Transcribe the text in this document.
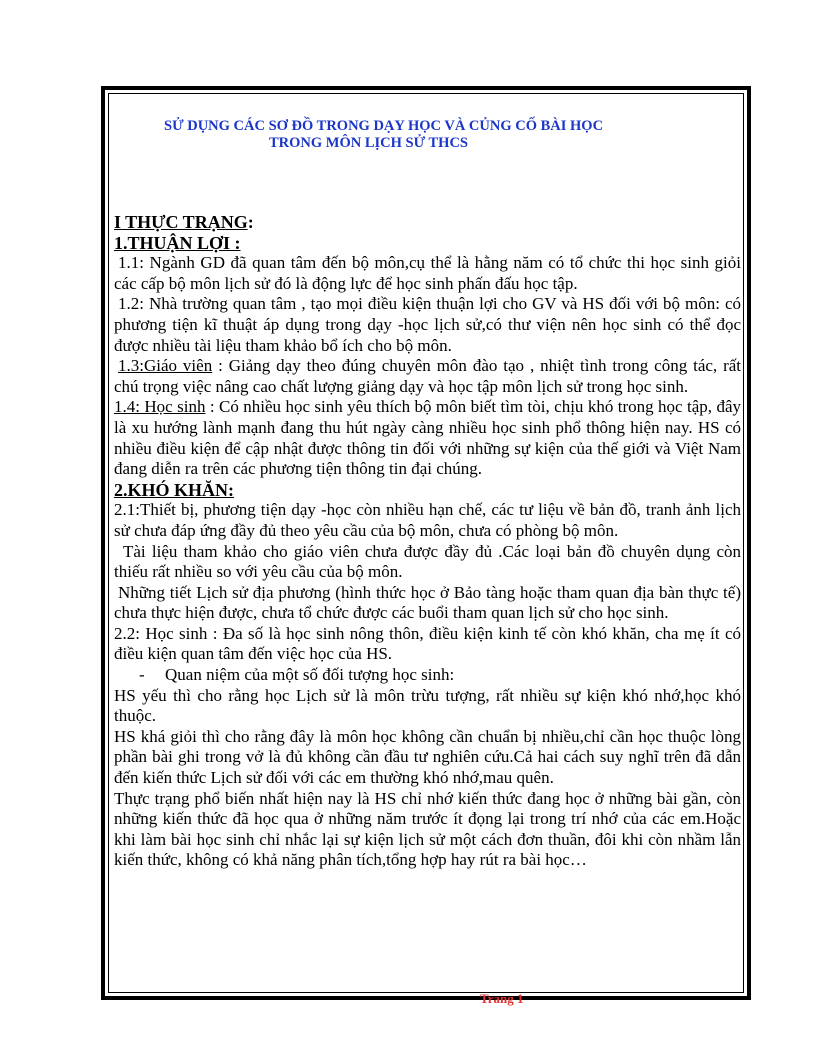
SỬ DỤNG CÁC SƠ ĐỒ TRONG DẠY HỌC VÀ CỦNG CỐ BÀI HỌC
TRONG MÔN LỊCH SỬ THCS

I THỰC TRẠNG:

1.THUẬN LỢI :

1.1: Ngành GD đã quan tâm đến bộ môn,cụ thể là hằng năm có tổ chức thi học sinh giỏi các cấp bộ môn lịch sử đó là động lực để học sinh phấn đấu học tập.

1.2: Nhà trường quan tâm , tạo mọi điều kiện thuận lợi cho GV và HS đối với bộ môn: có phương tiện kĩ thuật áp dụng trong dạy -học lịch sử,có thư viện nên học sinh có thể đọc được nhiều tài liệu tham khảo bổ ích cho bộ môn.

1.3:Giáo viên : Giảng dạy theo đúng chuyên môn đào tạo , nhiệt tình trong công tác, rất chú trọng việc nâng cao chất lượng giảng dạy và học tập môn lịch sử trong học sinh.

1.4: Học sinh : Có nhiều học sinh yêu thích bộ môn biết tìm tòi, chịu khó trong học tập, đây là xu hướng lành mạnh đang thu hút ngày càng nhiều học sinh phổ thông hiện nay. HS có nhiều điều kiện để cập nhật được thông tin đối với những sự kiện của thế giới và Việt Nam đang diễn ra trên các phương tiện thông tin đại chúng.

2.KHÓ KHĂN:

2.1:Thiết bị, phương tiện dạy -học còn nhiều hạn chế, các tư liệu về bản đồ, tranh ảnh lịch sử chưa đáp ứng đầy đủ theo yêu cầu của bộ môn, chưa có phòng bộ môn.

Tài liệu tham khảo cho giáo viên chưa được đầy đủ .Các loại bản đồ chuyên dụng còn thiếu rất nhiều so với yêu cầu của bộ môn.

Những tiết Lịch sử địa phương (hình thức học ở Bảo tàng hoặc tham quan địa bàn thực tế) chưa thực hiện được, chưa tổ chức được các buổi tham quan lịch sử cho học sinh.

2.2: Học sinh : Đa số là học sinh nông thôn, điều kiện kinh tế còn khó khăn, cha mẹ ít có điều kiện quan tâm đến việc học của HS.

- Quan niệm của một số đối tượng học sinh:

HS yếu thì cho rằng học Lịch sử là môn trừu tượng, rất nhiều sự kiện khó nhớ,học khó thuộc.

HS khá giỏi thì cho rằng đây là môn học không cần chuẩn bị nhiều,chỉ cần học thuộc lòng phần bài ghi trong vở là đủ không cần đầu tư nghiên cứu.Cả hai cách suy nghĩ trên đã dẫn đến kiến thức Lịch sử đối với các em thường khó nhớ,mau quên.

Thực trạng phổ biến nhất hiện nay là HS chỉ nhớ kiến thức đang học ở những bài gần, còn những kiến thức đã học qua ở những năm trước ít đọng lại trong trí nhớ của các em.Hoặc khi làm bài học sinh chỉ nhắc lại sự kiện lịch sử một cách đơn thuần, đôi khi còn nhầm lẫn kiến thức, không có khả năng phân tích,tổng hợp hay rút ra bài học…

Trang 1
